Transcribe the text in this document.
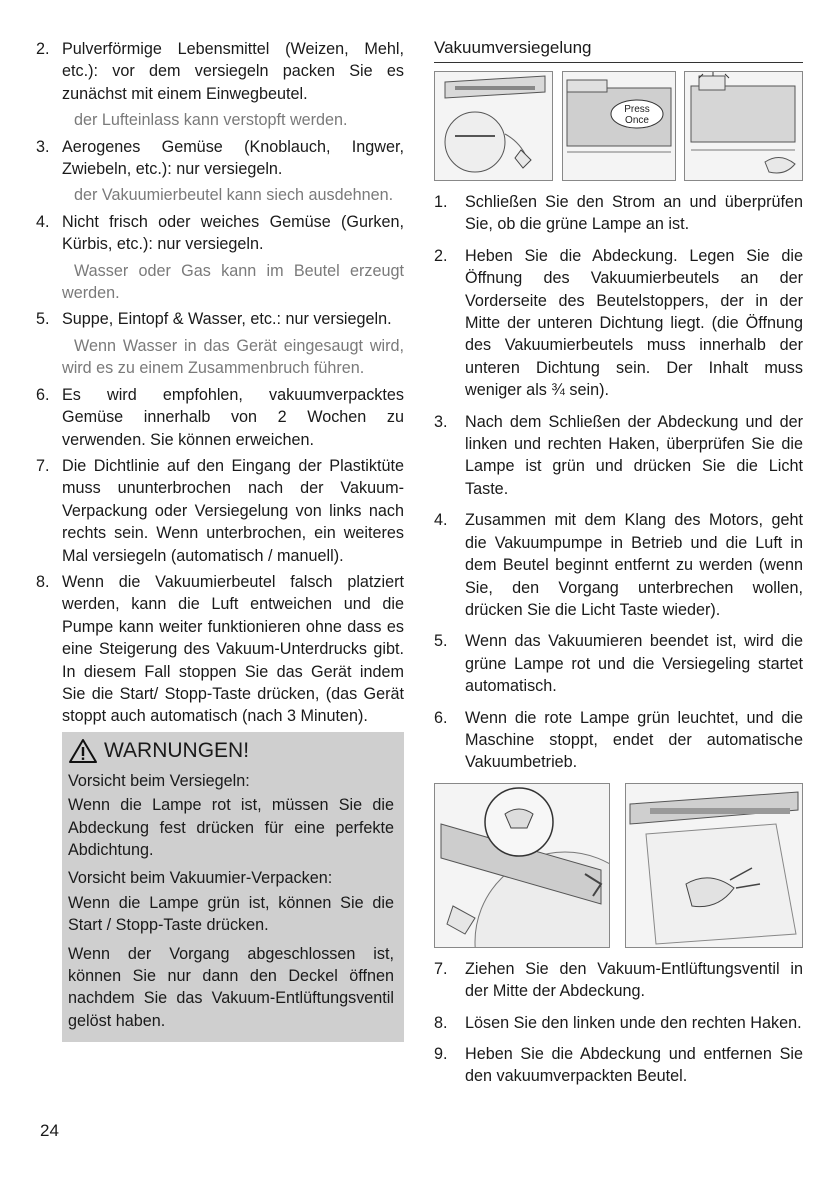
2. Pulverförmige Lebensmittel (Weizen, Mehl, etc.): vor dem versiegeln packen Sie es zunächst mit einem Einwegbeutel.
der Lufteinlass kann verstopft werden.
3. Aerogenes Gemüse (Knoblauch, Ingwer, Zwiebeln, etc.): nur versiegeln.
der Vakuumierbeutel kann siech ausdehnen.
4. Nicht frisch oder weiches Gemüse (Gurken, Kürbis, etc.): nur versiegeln.
Wasser oder Gas kann im Beutel erzeugt werden.
5. Suppe, Eintopf & Wasser, etc.: nur versiegeln.
Wenn Wasser in das Gerät eingesaugt wird, wird es zu einem Zusammenbruch führen.
6. Es wird empfohlen, vakuumverpacktes Gemüse innerhalb von 2 Wochen zu verwenden. Sie können erweichen.
7. Die Dichtlinie auf den Eingang der Plastiktüte muss ununterbrochen nach der Vakuum-Verpackung oder Versiegelung von links nach rechts sein. Wenn unterbrochen, ein weiteres Mal versiegeln (automatisch / manuell).
8. Wenn die Vakuumierbeutel falsch platziert werden, kann die Luft entweichen und die Pumpe kann weiter funktionieren ohne dass es eine Steigerung des Vakuum-Unterdrucks gibt. In diesem Fall stoppen Sie das Gerät indem Sie die Start/ Stopp-Taste drücken, (das Gerät stoppt auch automatisch (nach 3 Minuten).
WARNUNGEN!
Vorsicht beim Versiegeln:

Wenn die Lampe rot ist, müssen Sie die Abdeckung fest drücken für eine perfekte Abdichtung.

Vorsicht beim Vakuumier-Verpacken:

Wenn die Lampe grün ist, können Sie die Start / Stopp-Taste drücken.

Wenn der Vorgang abgeschlossen ist, können Sie nur dann den Deckel öffnen nachdem Sie das Vakuum-Entlüftungsventil gelöst haben.

Vakuumversiegelung
Press
Once
1.	Schließen Sie den Strom an und überprüfen Sie, ob die grüne Lampe an ist.
2.	Heben Sie die Abdeckung. Legen Sie die Öffnung des Vakuumierbeutels an der Vorderseite des Beutelstoppers, der in der Mitte der unteren Dichtung liegt. (die Öffnung des Vakuumierbeutels muss innerhalb der unteren Dichtung sein. Der Inhalt muss weniger als ¾ sein).
3.	Nach dem Schließen der Abdeckung und der linken und rechten Haken, überprüfen Sie die Lampe ist grün und drücken Sie die Licht Taste.
4.	Zusammen mit dem Klang des Motors, geht die Vakuumpumpe in Betrieb und die Luft in dem Beutel beginnt entfernt zu werden (wenn Sie, den Vorgang unterbrechen wollen, drücken Sie die Licht Taste wieder).
5.	Wenn das Vakuumieren beendet ist, wird die grüne Lampe rot und die Versiegeling startet automatisch.
6.	Wenn die rote Lampe grün leuchtet, und die Maschine stoppt, endet der automatische Vakuumbetrieb.
7.	Ziehen Sie den Vakuum-Entlüftungsventil in der Mitte der Abdeckung.
8.	Lösen Sie den linken unde den rechten Haken.
9.	Heben Sie die Abdeckung und entfernen Sie den vakuumverpackten Beutel.
24
